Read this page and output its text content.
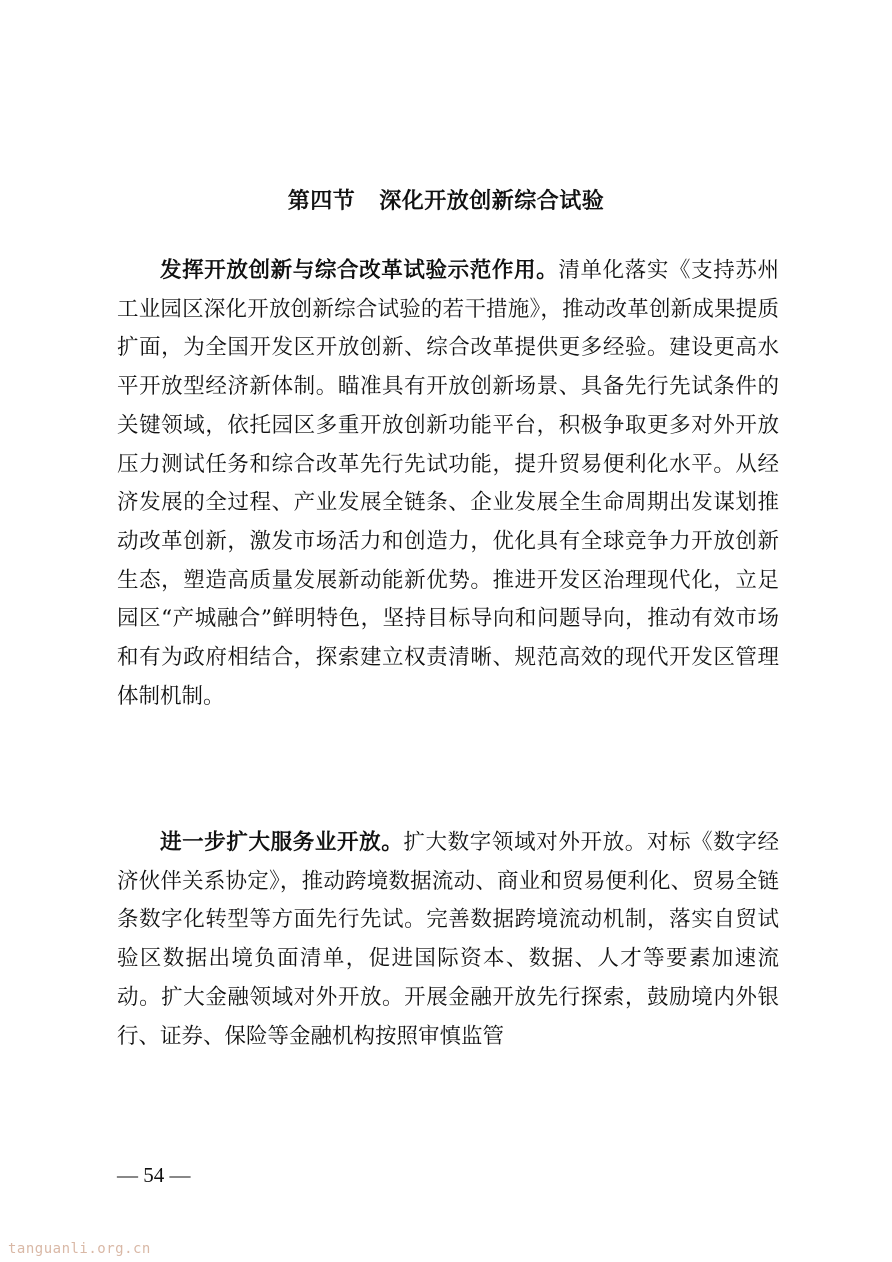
第四节 深化开放创新综合试验

发挥开放创新与综合改革试验示范作用。清单化落实《支持苏州工业园区深化开放创新综合试验的若干措施》，推动改革创新成果提质扩面，为全国开发区开放创新、综合改革提供更多经验。建设更高水平开放型经济新体制。瞄准具有开放创新场景、具备先行先试条件的关键领域，依托园区多重开放创新功能平台，积极争取更多对外开放压力测试任务和综合改革先行先试功能，提升贸易便利化水平。从经济发展的全过程、产业发展全链条、企业发展全生命周期出发谋划推动改革创新，激发市场活力和创造力，优化具有全球竞争力开放创新生态，塑造高质量发展新动能新优势。推进开发区治理现代化，立足园区“产城融合”鲜明特色，坚持目标导向和问题导向，推动有效市场和有为政府相结合，探索建立权责清晰、规范高效的现代开发区管理体制机制。

进一步扩大服务业开放。扩大数字领域对外开放。对标《数字经济伙伴关系协定》，推动跨境数据流动、商业和贸易便利化、贸易全链条数字化转型等方面先行先试。完善数据跨境流动机制，落实自贸试验区数据出境负面清单，促进国际资本、数据、人才等要素加速流动。扩大金融领域对外开放。开展金融开放先行探索，鼓励境内外银行、证券、保险等金融机构按照审慎监管

— 54 —
tanguanli.org.cn
